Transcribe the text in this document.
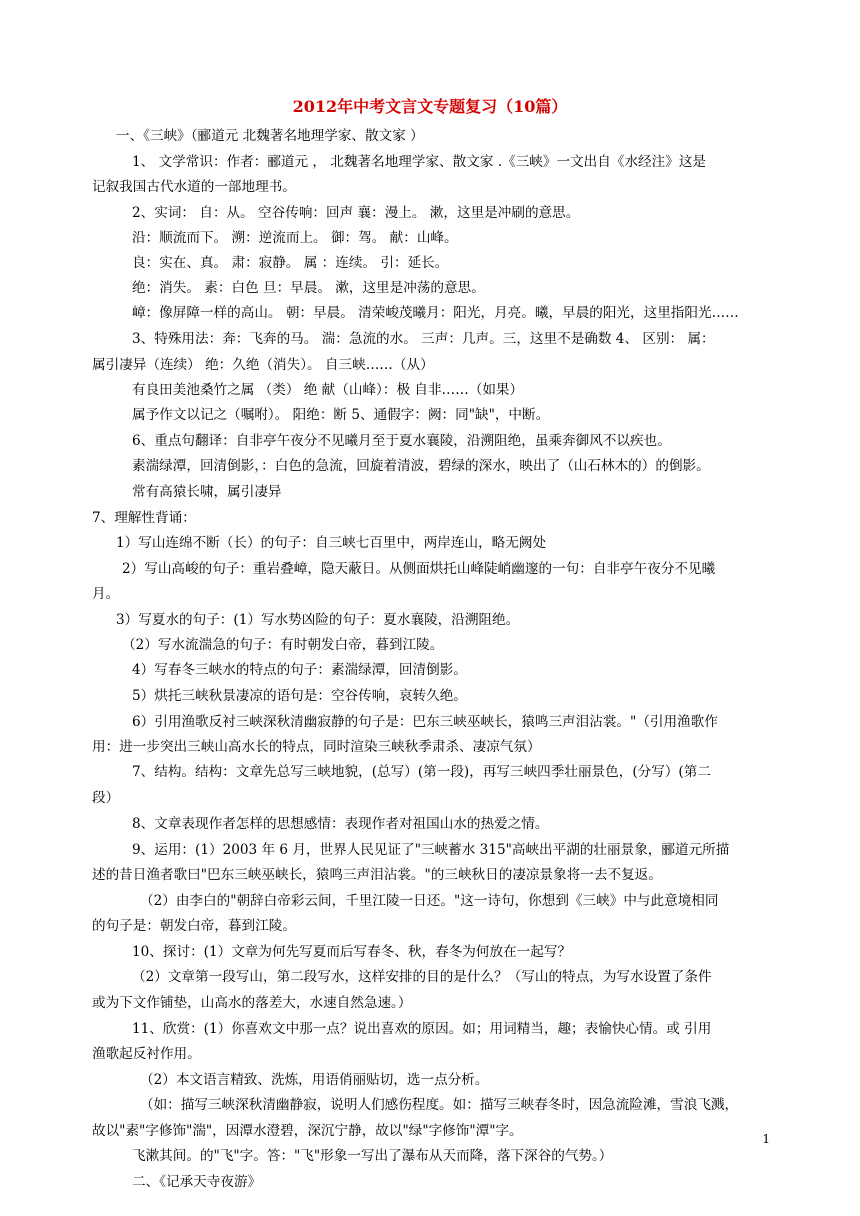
2012年中考文言文专题复习（10篇）
一、《三峡》（郦道元 北魏著名地理学家、散文家 ）
1、 文学常识：作者：郦道元 ， 北魏著名地理学家、散文家 .《三峡》一文出自《水经注》这是
记叙我国古代水道的一部地理书。
2、实词： 自：从。 空谷传响：回声 襄：漫上。 漱，这里是冲刷的意思。
沿：顺流而下。 溯：逆流而上。 御：驾。 献：山峰。
良：实在、真。 肃：寂静。 属 ：连续。 引：延长。
绝：消失。 素：白色 旦：早晨。 漱，这里是冲荡的意思。
嶂：像屏障一样的高山。 朝：早晨。 清荣峻茂曦月：阳光，月亮。曦，早晨的阳光，这里指阳光……
3、特殊用法：奔：飞奔的马。 湍：急流的水。 三声：几声。三，这里不是确数 4、 区别： 属：
属引凄异（连续） 绝：久绝（消失）。 自三峡……（从）
有良田美池桑竹之属 （类） 绝 献（山峰）：极 自非……（如果）
属予作文以记之（嘱咐）。 阳绝：断 5、通假字：阙：同"缺"，中断。
6、重点句翻译：自非亭午夜分不见曦月至于夏水襄陵，沿溯阻绝，虽乘奔御风不以疾也。
素湍绿潭，回清倒影，：白色的急流，回旋着清波，碧绿的深水，映出了（山石林木的）的倒影。
常有高猿长啸，属引凄异
7、理解性背诵：
1）写山连绵不断（长）的句子：自三峡七百里中，两岸连山，略无阙处
2）写山高峻的句子：重岩叠嶂，隐天蔽日。从侧面烘托山峰陡峭幽邃的一句：自非亭午夜分不见曦
月。
3）写夏水的句子：(1）写水势凶险的句子：夏水襄陵，沿溯阻绝。
（2）写水流湍急的句子：有时朝发白帝，暮到江陵。
4）写春冬三峡水的特点的句子：素湍绿潭，回清倒影。
5）烘托三峡秋景凄凉的语句是：空谷传响，哀转久绝。
6）引用渔歌反衬三峡深秋清幽寂静的句子是：巴东三峡巫峡长，猿鸣三声泪沾裳。"（引用渔歌作
用：进一步突出三峡山高水长的特点，同时渲染三峡秋季肃杀、凄凉气氛）
7、结构。结构：文章先总写三峡地貌，(总写）(第一段)，再写三峡四季壮丽景色，(分写）(第二
段）
8、文章表现作者怎样的思想感情：表现作者对祖国山水的热爱之情。
9、运用：(1）2003 年 6 月，世界人民见证了"三峡蓄水 315"高峡出平湖的壮丽景象，郦道元所描
述的昔日渔者歌曰"巴东三峡巫峡长，猿鸣三声泪沾裳。"的三峡秋日的凄凉景象将一去不复返。
（2）由李白的"朝辞白帝彩云间，千里江陵一日还。"这一诗句，你想到《三峡》中与此意境相同
的句子是：朝发白帝，暮到江陵。
10、探讨：(1）文章为何先写夏而后写春冬、秋，春冬为何放在一起写？
（2）文章第一段写山，第二段写水，这样安排的目的是什么？（写山的特点，为写水设置了条件
或为下文作铺垫，山高水的落差大，水速自然急速。）
11、欣赏：(1）你喜欢文中那一点？说出喜欢的原因。如；用词精当，趣；表愉快心情。或 引用
渔歌起反衬作用。
（2）本文语言精致、洗炼，用语俏丽贴切，选一点分析。
（如：描写三峡深秋清幽静寂，说明人们感伤程度。如：描写三峡春冬时，因急流险滩，雪浪飞溅，
故以"素"字修饰"湍"，因潭水澄碧，深沉宁静，故以"绿"字修饰"潭"字。
飞漱其间。的"飞"字。答："飞"形象一写出了瀑布从天而降，落下深谷的气势。）
二、《记承天寺夜游》
1
